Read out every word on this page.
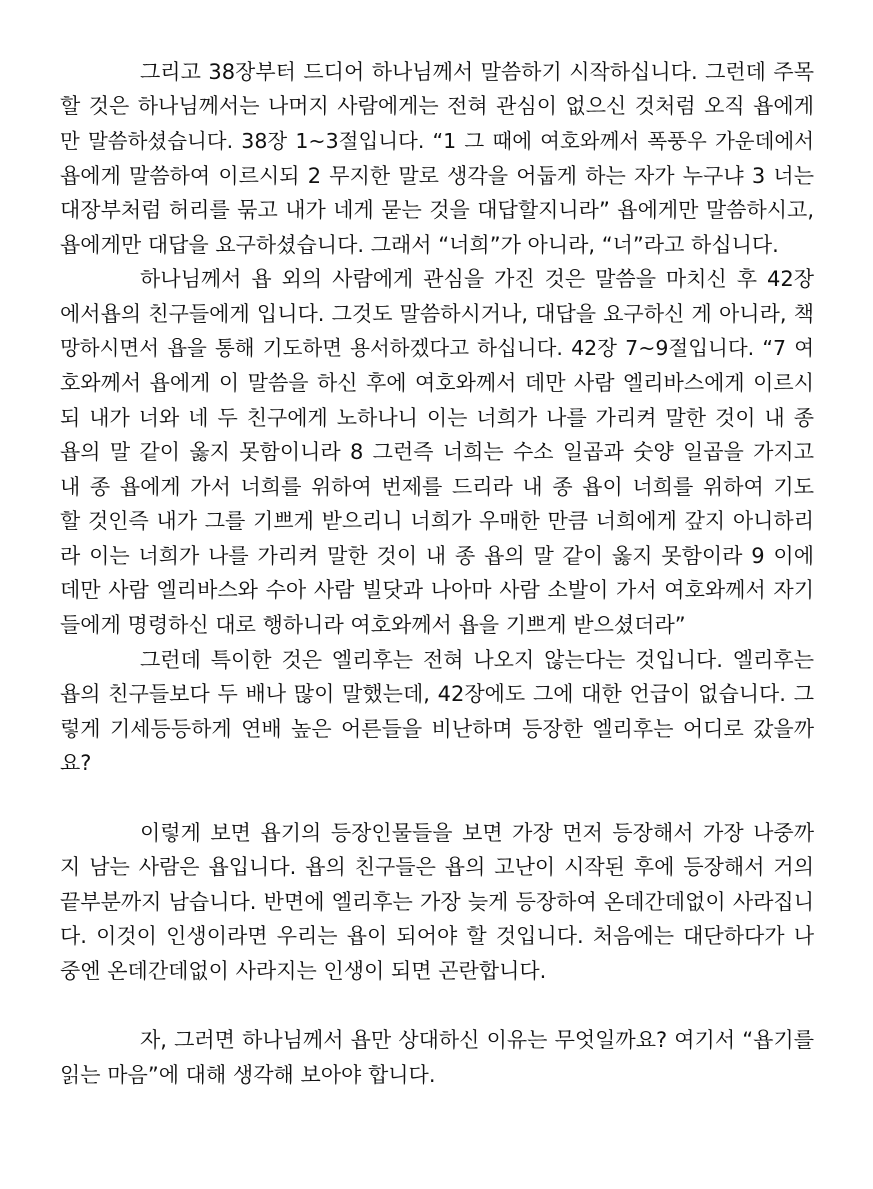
그리고 38장부터 드디어 하나님께서 말씀하기 시작하십니다. 그런데 주목
할 것은 하나님께서는 나머지 사람에게는 전혀 관심이 없으신 것처럼 오직 욥에게
만 말씀하셨습니다. 38장 1~3절입니다. “1 그 때에 여호와께서 폭풍우 가운데에서
욥에게 말씀하여 이르시되 2 무지한 말로 생각을 어둡게 하는 자가 누구냐 3 너는
대장부처럼 허리를 묶고 내가 네게 묻는 것을 대답할지니라” 욥에게만 말씀하시고,
욥에게만 대답을 요구하셨습니다. 그래서 “너희”가 아니라, “너”라고 하십니다.
하나님께서 욥 외의 사람에게 관심을 가진 것은 말씀을 마치신 후 42장
에서욥의 친구들에게 입니다. 그것도 말씀하시거나, 대답을 요구하신 게 아니라, 책
망하시면서 욥을 통해 기도하면 용서하겠다고 하십니다. 42장 7~9절입니다. “7 여
호와께서 욥에게 이 말씀을 하신 후에 여호와께서 데만 사람 엘리바스에게 이르시
되 내가 너와 네 두 친구에게 노하나니 이는 너희가 나를 가리켜 말한 것이 내 종
욥의 말 같이 옳지 못함이니라 8 그런즉 너희는 수소 일곱과 숫양 일곱을 가지고
내 종 욥에게 가서 너희를 위하여 번제를 드리라 내 종 욥이 너희를 위하여 기도
할 것인즉 내가 그를 기쁘게 받으리니 너희가 우매한 만큼 너희에게 갚지 아니하리
라 이는 너희가 나를 가리켜 말한 것이 내 종 욥의 말 같이 옳지 못함이라 9 이에
데만 사람 엘리바스와 수아 사람 빌닷과 나아마 사람 소발이 가서 여호와께서 자기
들에게 명령하신 대로 행하니라 여호와께서 욥을 기쁘게 받으셨더라”
그런데 특이한 것은 엘리후는 전혀 나오지 않는다는 것입니다. 엘리후는
욥의 친구들보다 두 배나 많이 말했는데, 42장에도 그에 대한 언급이 없습니다. 그
렇게 기세등등하게 연배 높은 어른들을 비난하며 등장한 엘리후는 어디로 갔을까
요?
이렇게 보면 욥기의 등장인물들을 보면 가장 먼저 등장해서 가장 나중까
지 남는 사람은 욥입니다. 욥의 친구들은 욥의 고난이 시작된 후에 등장해서 거의
끝부분까지 남습니다. 반면에 엘리후는 가장 늦게 등장하여 온데간데없이 사라집니
다. 이것이 인생이라면 우리는 욥이 되어야 할 것입니다. 처음에는 대단하다가 나
중엔 온데간데없이 사라지는 인생이 되면 곤란합니다.
자, 그러면 하나님께서 욥만 상대하신 이유는 무엇일까요? 여기서 “욥기를
읽는 마음”에 대해 생각해 보아야 합니다.
